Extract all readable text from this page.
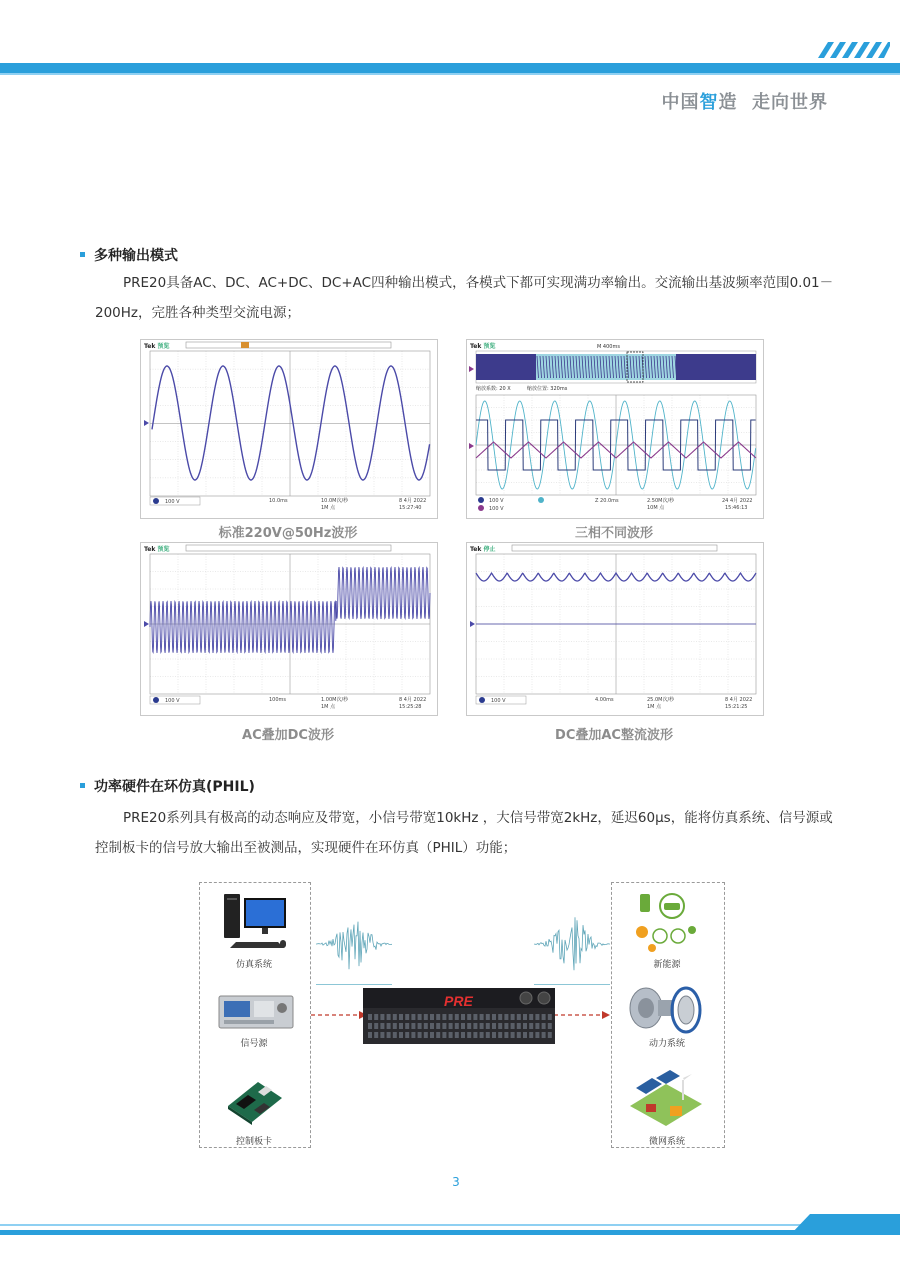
中国智造 走向世界
多种输出模式
PRE20具备AC、DC、AC+DC、DC+AC四种输出模式，各模式下都可实现满功率输出。交流输出基波频率范围0.01－200Hz，完胜各种类型交流电源；
Tek 预览
100 V	10.0ms	10.0M次/秒
1M 点
8 4月 2022
15:27:40
标准220V@50Hz波形
Tek 预览	M 400ms
缩放系数: 20 X	缩放位置: 320ms
100 V
100 V
Z 20.0ms	2.50M次/秒
10M 点
24 4月 2022
15:46:13
三相不同波形
Tek 预览
100 V	100ms	1.00M次/秒
1M 点
8 4月 2022
15:25:28
AC叠加DC波形
Tek 停止
100 V	4.00ms	25.0M次/秒
1M 点
8 4月 2022
15:21:25
DC叠加AC整流波形
功率硬件在环仿真(PHIL)
PRE20系列具有极高的动态响应及带宽，小信号带宽10kHz ，大信号带宽2kHz，延迟60μs，能将仿真系统、信号源或控制板卡的信号放大输出至被测品，实现硬件在环仿真（PHIL）功能；
仿真系统
信号源
控制板卡
PRE
新能源
动力系统
微网系统
3
